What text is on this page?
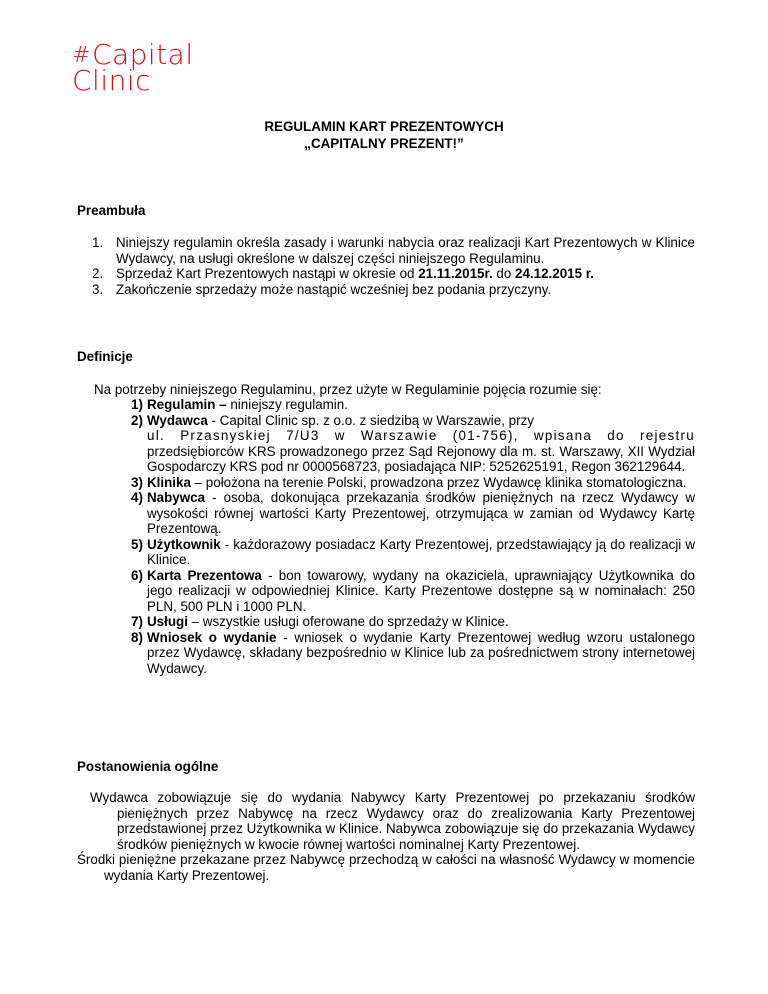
#Capital
Clinic
REGULAMIN KART PREZENTOWYCH
„CAPITALNY PREZENT!”
Preambuła
1. Niniejszy regulamin określa zasady i warunki nabycia oraz realizacji Kart Prezentowych w Klinice Wydawcy, na usługi określone w dalszej części niniejszego Regulaminu.
2. Sprzedaż Kart Prezentowych nastąpi w okresie od 21.11.2015r. do 24.12.2015 r.
3. Zakończenie sprzedaży może nastąpić wcześniej bez podania przyczyny.
Definicje
Na potrzeby niniejszego Regulaminu, przez użyte w Regulaminie pojęcia rozumie się:
1) Regulamin – niniejszy regulamin.
2) Wydawca - Capital Clinic sp. z o.o. z siedzibą w Warszawie, przy
ul. Przasnyskiej 7/U3 w Warszawie (01-756), wpisana do rejestru przedsiębiorców KRS prowadzonego przez Sąd Rejonowy dla m. st. Warszawy, XII Wydział Gospodarczy KRS pod nr 0000568723, posiadająca NIP: 5252625191, Regon 362129644.
3) Klinika – położona na terenie Polski, prowadzona przez Wydawcę klinika stomatologiczna.
4) Nabywca - osoba, dokonująca przekazania środków pieniężnych na rzecz Wydawcy w wysokości równej wartości Karty Prezentowej, otrzymująca w zamian od Wydawcy Kartę Prezentową.
5) Użytkownik - każdorazowy posiadacz Karty Prezentowej, przedstawiający ją do realizacji w Klinice.
6) Karta Prezentowa - bon towarowy, wydany na okaziciela, uprawniający Użytkownika do jego realizacji w odpowiedniej Klinice. Karty Prezentowe dostępne są w nominałach: 250 PLN, 500 PLN i 1000 PLN.
7) Usługi – wszystkie usługi oferowane do sprzedaży w Klinice.
8) Wniosek o wydanie - wniosek o wydanie Karty Prezentowej według wzoru ustalonego przez Wydawcę, składany bezpośrednio w Klinice lub za pośrednictwem strony internetowej Wydawcy.
Postanowienia ogólne

Wydawca zobowiązuje się do wydania Nabywcy Karty Prezentowej po przekazaniu środków pieniężnych przez Nabywcę na rzecz Wydawcy oraz do zrealizowania Karty Prezentowej przedstawionej przez Użytkownika w Klinice. Nabywca zobowiązuje się do przekazania Wydawcy środków pieniężnych w kwocie równej wartości nominalnej Karty Prezentowej.

Środki pieniężne przekazane przez Nabywcę przechodzą w całości na własność Wydawcy w momencie wydania Karty Prezentowej.
